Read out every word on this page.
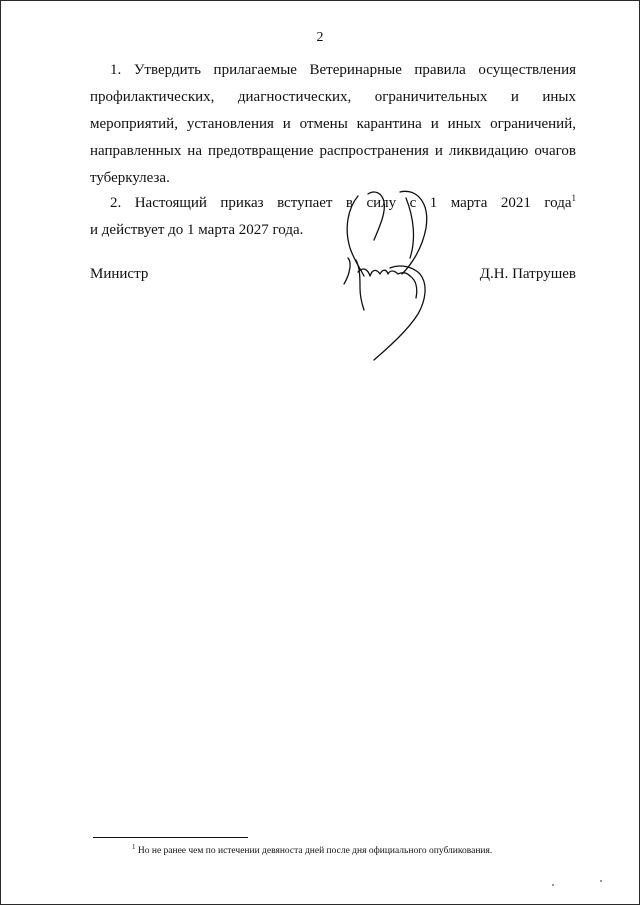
2
1. Утвердить прилагаемые Ветеринарные правила осуществления
профилактических, диагностических, ограничительных и иных
мероприятий, установления и отмены карантина и иных ограничений,
направленных на предотвращение распространения и ликвидацию очагов
туберкулеза.
2. Настоящий приказ вступает в силу с 1 марта 2021 года$^1$
и действует до 1 марта 2027 года.
Министр	Д.Н. Патрушев
$^1$ Но не ранее чем по истечении девяноста дней после дня официального опубликования.
